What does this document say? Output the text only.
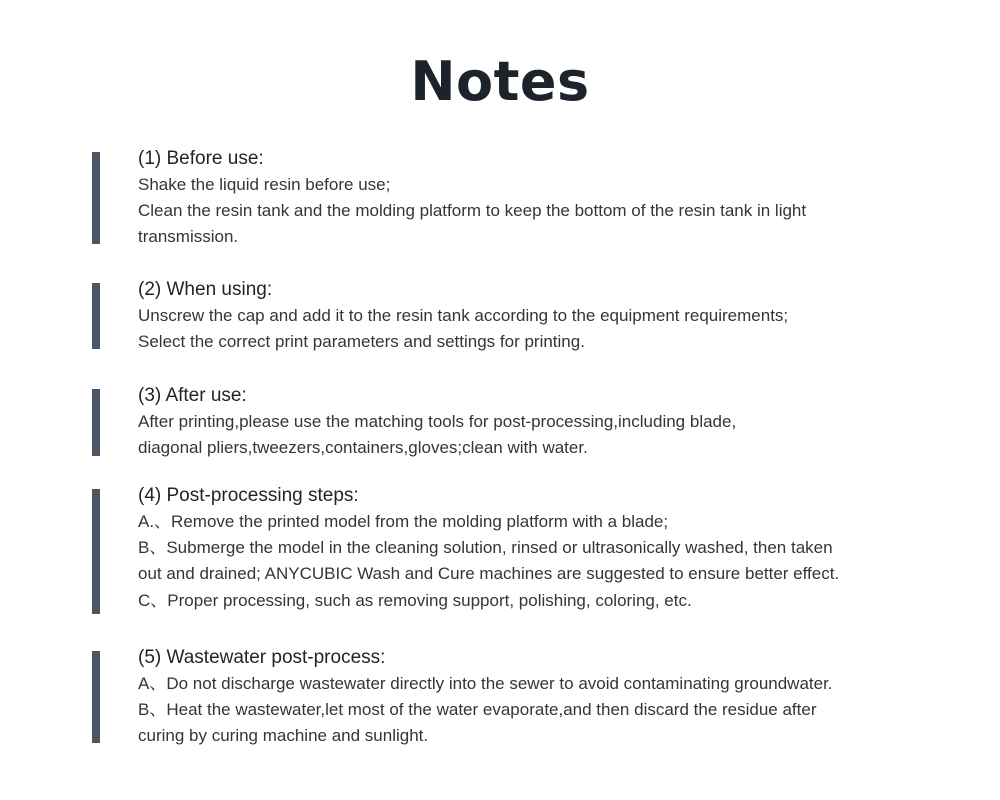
Notes

(1) Before use:

Shake the liquid resin before use;

Clean the resin tank and the molding platform to keep the bottom of the resin tank in light

transmission.

(2) When using:

Unscrew the cap and add it to the resin tank according to the equipment requirements;

Select the correct print parameters and settings for printing.

(3) After use:

After printing,please use the matching tools for post-processing,including blade,

diagonal pliers,tweezers,containers,gloves;clean with water.

(4) Post-processing steps:

A.、Remove the printed model from the molding platform with a blade;

B、Submerge the model in the cleaning solution, rinsed or ultrasonically washed, then taken

out and drained; ANYCUBIC Wash and Cure machines are suggested to ensure better effect.

C、Proper processing, such as removing support, polishing, coloring, etc.

(5) Wastewater post-process:

A、Do not discharge wastewater directly into the sewer to avoid contaminating groundwater.

B、Heat the wastewater,let most of the water evaporate,and then discard the residue after

curing by curing machine and sunlight.
